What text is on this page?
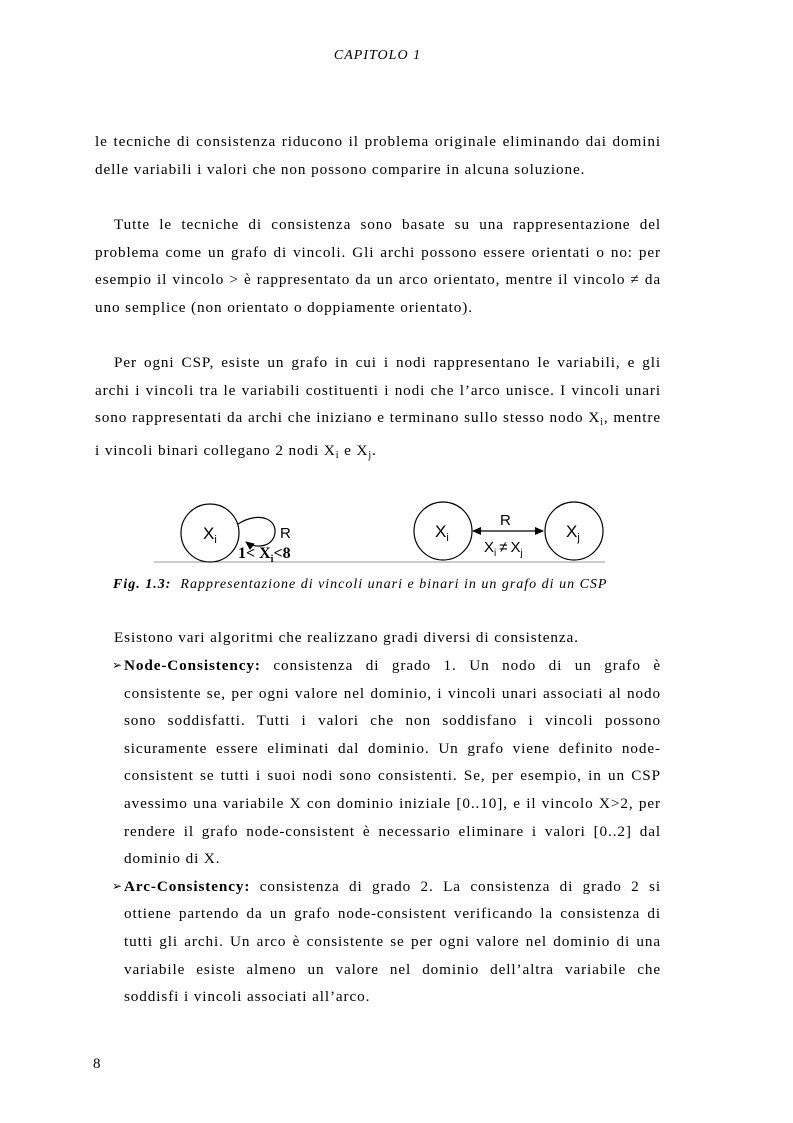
CAPITOLO 1
le tecniche di consistenza riducono il problema originale eliminando dai domini delle variabili i valori che non possono comparire in alcuna soluzione.
Tutte le tecniche di consistenza sono basate su una rappresentazione del problema come un grafo di vincoli. Gli archi possono essere orientati o no: per esempio il vincolo > è rappresentato da un arco orientato, mentre il vincolo ≠ da uno semplice (non orientato o doppiamente orientato).
Per ogni CSP, esiste un grafo in cui i nodi rappresentano le variabili, e gli archi i vincoli tra le variabili costituenti i nodi che l’arco unisce. I vincoli unari sono rappresentati da archi che iniziano e terminano sullo stesso nodo $X_i$, mentre i vincoli binari collegano 2 nodi $X_i$ e $X_j$.
$X_i$	R
$1< X_i<8$
$X_i$	$X_j$
R
$X_i \ne X_j$
Fig. 1.3: Rappresentazione di vincoli unari e binari in un grafo di un CSP
Esistono vari algoritmi che realizzano gradi diversi di consistenza.
➢ Node-Consistency: consistenza di grado 1. Un nodo di un grafo è consistente se, per ogni valore nel dominio, i vincoli unari associati al nodo sono soddisfatti. Tutti i valori che non soddisfano i vincoli possono sicuramente essere eliminati dal dominio. Un grafo viene definito node-consistent se tutti i suoi nodi sono consistenti. Se, per esempio, in un CSP avessimo una variabile X con dominio iniziale [0..10], e il vincolo X>2, per rendere il grafo node-consistent è necessario eliminare i valori [0..2] dal dominio di X.
➢ Arc-Consistency: consistenza di grado 2. La consistenza di grado 2 si ottiene partendo da un grafo node-consistent verificando la consistenza di tutti gli archi. Un arco è consistente se per ogni valore nel dominio di una variabile esiste almeno un valore nel dominio dell’altra variabile che soddisfi i vincoli associati all’arco.
8
